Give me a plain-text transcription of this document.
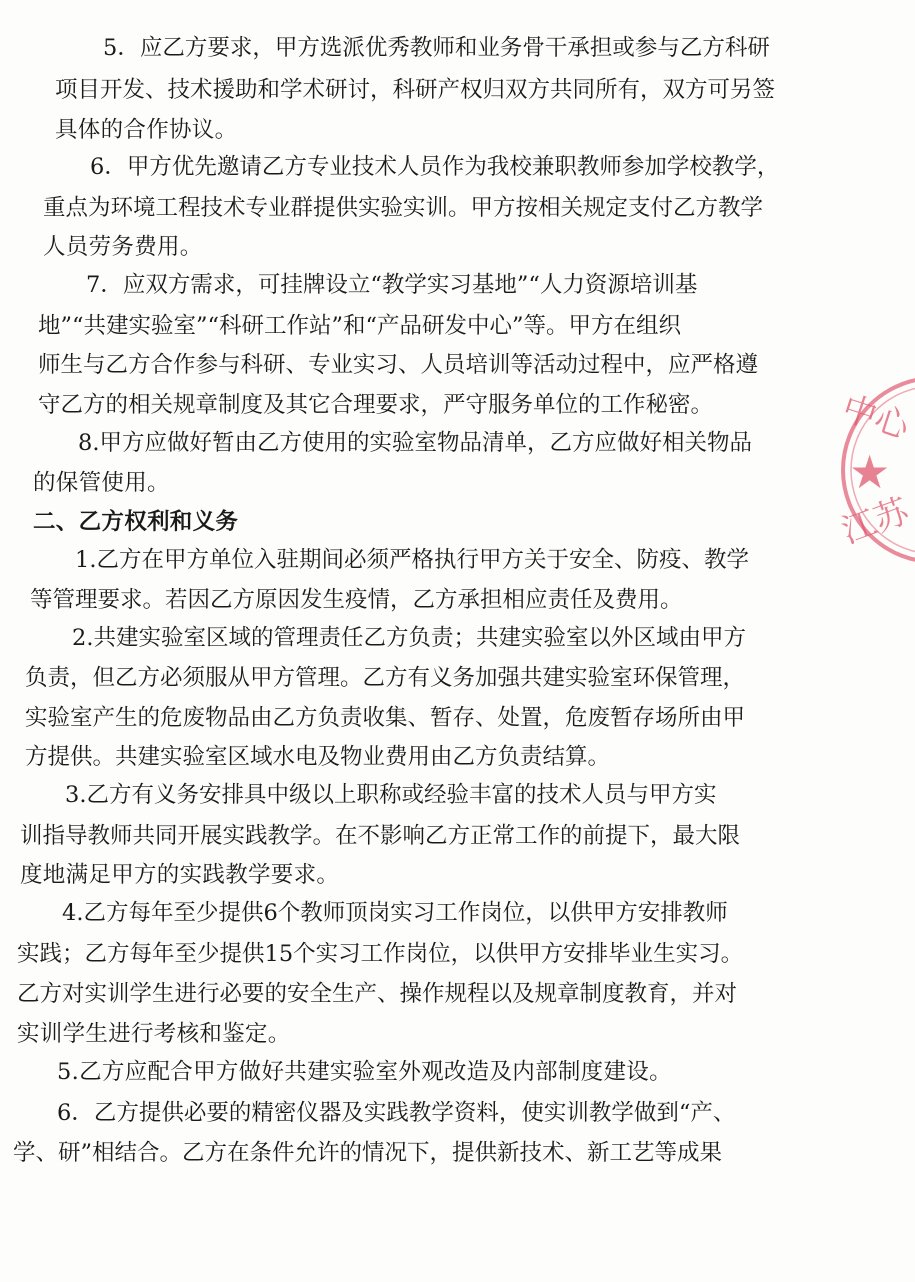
5．应乙方要求，甲方选派优秀教师和业务骨干承担或参与乙方科研
项目开发、技术援助和学术研讨，科研产权归双方共同所有，双方可另签
具体的合作协议。
6．甲方优先邀请乙方专业技术人员作为我校兼职教师参加学校教学，
重点为环境工程技术专业群提供实验实训。甲方按相关规定支付乙方教学
人员劳务费用。
7．应双方需求，可挂牌设立“教学实习基地”“人力资源培训基
地”“共建实验室”“科研工作站”和“产品研发中心”等。甲方在组织
师生与乙方合作参与科研、专业实习、人员培训等活动过程中，应严格遵
守乙方的相关规章制度及其它合理要求，严守服务单位的工作秘密。
8.甲方应做好暂由乙方使用的实验室物品清单，乙方应做好相关物品
的保管使用。
二、乙方权利和义务
1.乙方在甲方单位入驻期间必须严格执行甲方关于安全、防疫、教学
等管理要求。若因乙方原因发生疫情，乙方承担相应责任及费用。
2.共建实验室区域的管理责任乙方负责；共建实验室以外区域由甲方
负责，但乙方必须服从甲方管理。乙方有义务加强共建实验室环保管理，
实验室产生的危废物品由乙方负责收集、暂存、处置，危废暂存场所由甲
方提供。共建实验室区域水电及物业费用由乙方负责结算。
3.乙方有义务安排具中级以上职称或经验丰富的技术人员与甲方实
训指导教师共同开展实践教学。在不影响乙方正常工作的前提下，最大限
度地满足甲方的实践教学要求。
4.乙方每年至少提供6个教师顶岗实习工作岗位，以供甲方安排教师
实践；乙方每年至少提供15个实习工作岗位，以供甲方安排毕业生实习。
乙方对实训学生进行必要的安全生产、操作规程以及规章制度教育，并对
实训学生进行考核和鉴定。
5.乙方应配合甲方做好共建实验室外观改造及内部制度建设。
6．乙方提供必要的精密仪器及实践教学资料，使实训教学做到“产、
学、研”相结合。乙方在条件允许的情况下，提供新技术、新工艺等成果
中心
★
江苏
